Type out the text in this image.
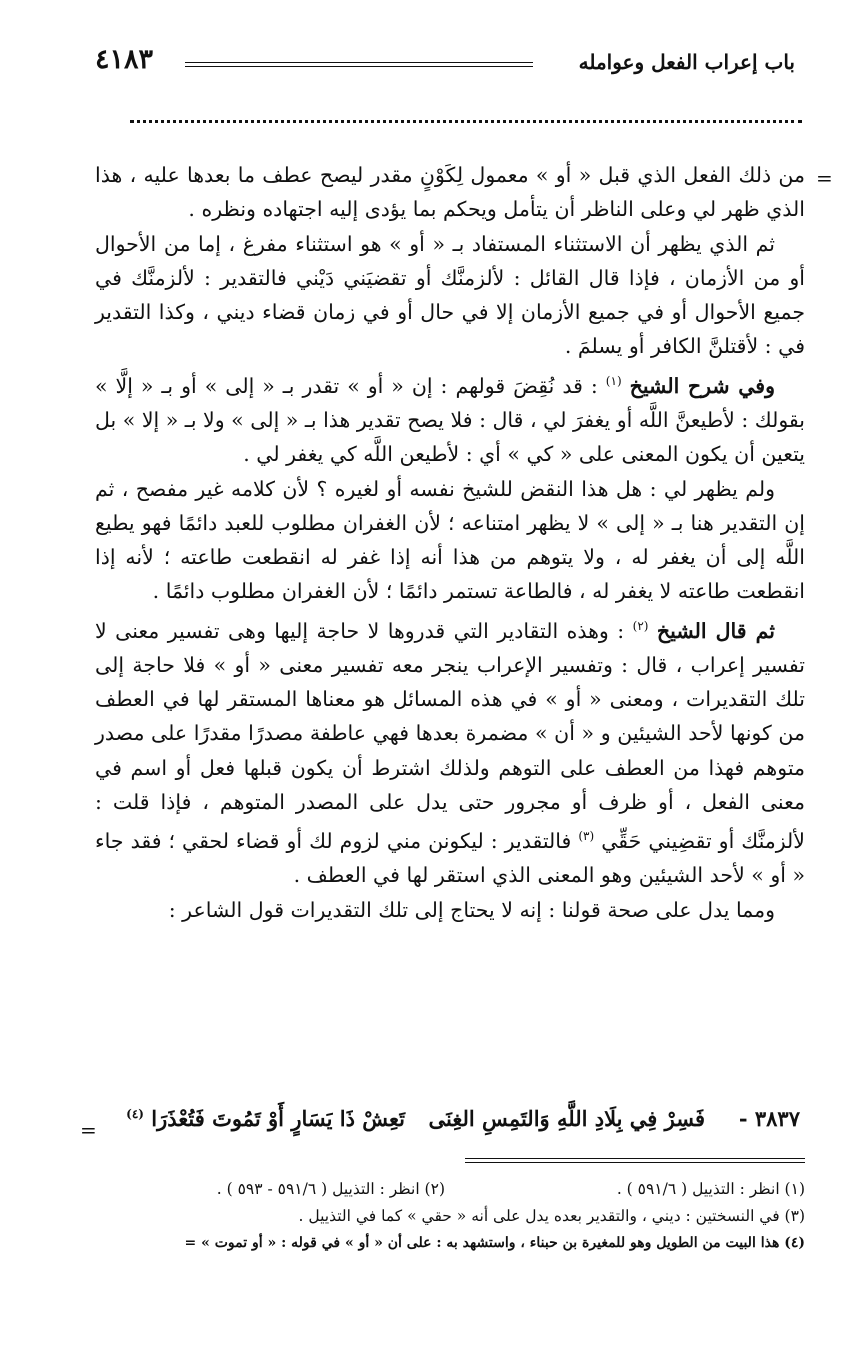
باب إعراب الفعل وعوامله
٤١٨٣
=

من ذلك الفعل الذي قبل « أو » معمول لِكَوْنٍ مقدر ليصح عطف ما بعدها عليه ، هذا الذي ظهر لي وعلى الناظر أن يتأمل ويحكم بما يؤدى إليه اجتهاده ونظره .

ثم الذي يظهر أن الاستثناء المستفاد بـ « أو » هو استثناء مفرغ ، إما من الأحوال أو من الأزمان ، فإذا قال القائل : لألزمنَّك أو تقضيَني دَيْني فالتقدير : لألزمنَّك في جميع الأحوال أو في جميع الأزمان إلا في حال أو في زمان قضاء ديني ، وكذا التقدير في : لأقتلنَّ الكافر أو يسلمَ .

وفي شرح الشيخ $^{(١)}$ : قد نُقِضَ قولهم : إن « أو » تقدر بـ « إلى » أو بـ « إلَّا » بقولك : لأطيعنَّ اللَّه أو يغفرَ لي ، قال : فلا يصح تقدير هذا بـ « إلى » ولا بـ « إلا » بل يتعين أن يكون المعنى على « كي » أي : لأطيعن اللَّه كي يغفر لي .

ولم يظهر لي : هل هذا النقض للشيخ نفسه أو لغيره ؟ لأن كلامه غير مفصح ، ثم إن التقدير هنا بـ « إلى » لا يظهر امتناعه ؛ لأن الغفران مطلوب للعبد دائمًا فهو يطيع اللَّه إلى أن يغفر له ، ولا يتوهم من هذا أنه إذا غفر له انقطعت طاعته ؛ لأنه إذا انقطعت طاعته لا يغفر له ، فالطاعة تستمر دائمًا ؛ لأن الغفران مطلوب دائمًا .

ثم قال الشيخ $^{(٢)}$ : وهذه التقادير التي قدروها لا حاجة إليها وهى تفسير معنى لا تفسير إعراب ، قال : وتفسير الإعراب ينجر معه تفسير معنى « أو » فلا حاجة إلى تلك التقديرات ، ومعنى « أو » في هذه المسائل هو معناها المستقر لها في العطف من كونها لأحد الشيئين و « أن » مضمرة بعدها فهي عاطفة مصدرًا مقدرًا على مصدر متوهم فهذا من العطف على التوهم ولذلك اشترط أن يكون قبلها فعل أو اسم في معنى الفعل ، أو ظرف أو مجرور حتى يدل على المصدر المتوهم ، فإذا قلت : لألزمنَّك أو تقضِيني حَقِّي $^{(٣)}$ فالتقدير : ليكونن مني لزوم لك أو قضاء لحقي ؛ فقد جاء « أو » لأحد الشيئين وهو المعنى الذي استقر لها في العطف .

ومما يدل على صحة قولنا : إنه لا يحتاج إلى تلك التقديرات قول الشاعر :

٣٨٣٧ -
فَسِرْ فِي بِلَادِ اللَّهِ وَالتَمِسِ الغِنَى
تَعِشْ ذَا يَسَارٍ أَوْ تَمُوتَ فَتُعْذَرَا $^{(٤)}$
=
(١) انظر : التذييل ( ٥٩١/٦ ) .
(٢) انظر : التذييل ( ٥٩١/٦ - ٥٩٣ ) .
(٣) في النسختين : ديني ، والتقدير بعده يدل على أنه « حقي » كما في التذييل .
(٤) هذا البيت من الطويل وهو للمغيرة بن حبناء ، واستشهد به : على أن « أو » في قوله : « أو تموت » =
